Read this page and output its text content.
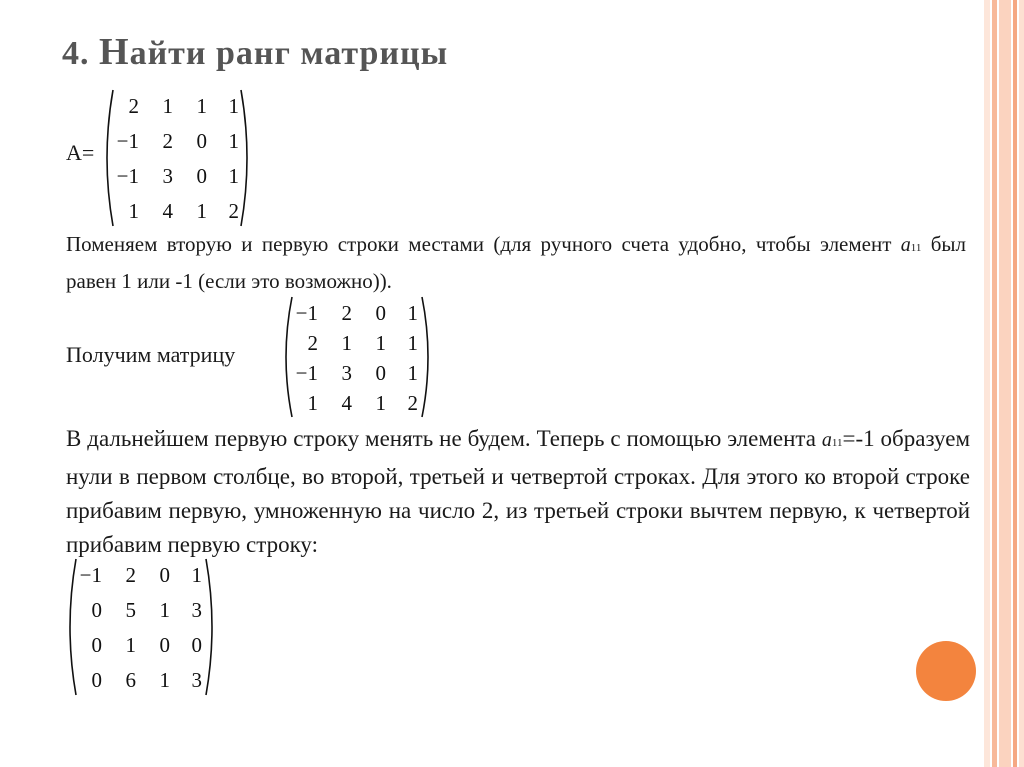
4. Найти ранг матрицы
A=
2	1	1	1
−1	2	0	1
−1	3	0	1
1	4	1	2
Поменяем вторую и первую строки местами (для ручного счета удобно, чтобы элемент a11 был равен 1 или -1 (если это возможно)).
Получим матрицу
−1	2	0	1
2	1	1	1
−1	3	0	1
1	4	1	2
В дальнейшем первую строку менять не будем. Теперь с помощью элемента a11=-1 образуем нули в первом столбце, во второй, третьей и четвертой строках. Для этого ко второй строке прибавим первую, умноженную на число 2, из третьей строки вычтем первую, к четвертой прибавим первую строку:
−1	2	0	1
0	5	1	3
0	1	0	0
0	6	1	3
